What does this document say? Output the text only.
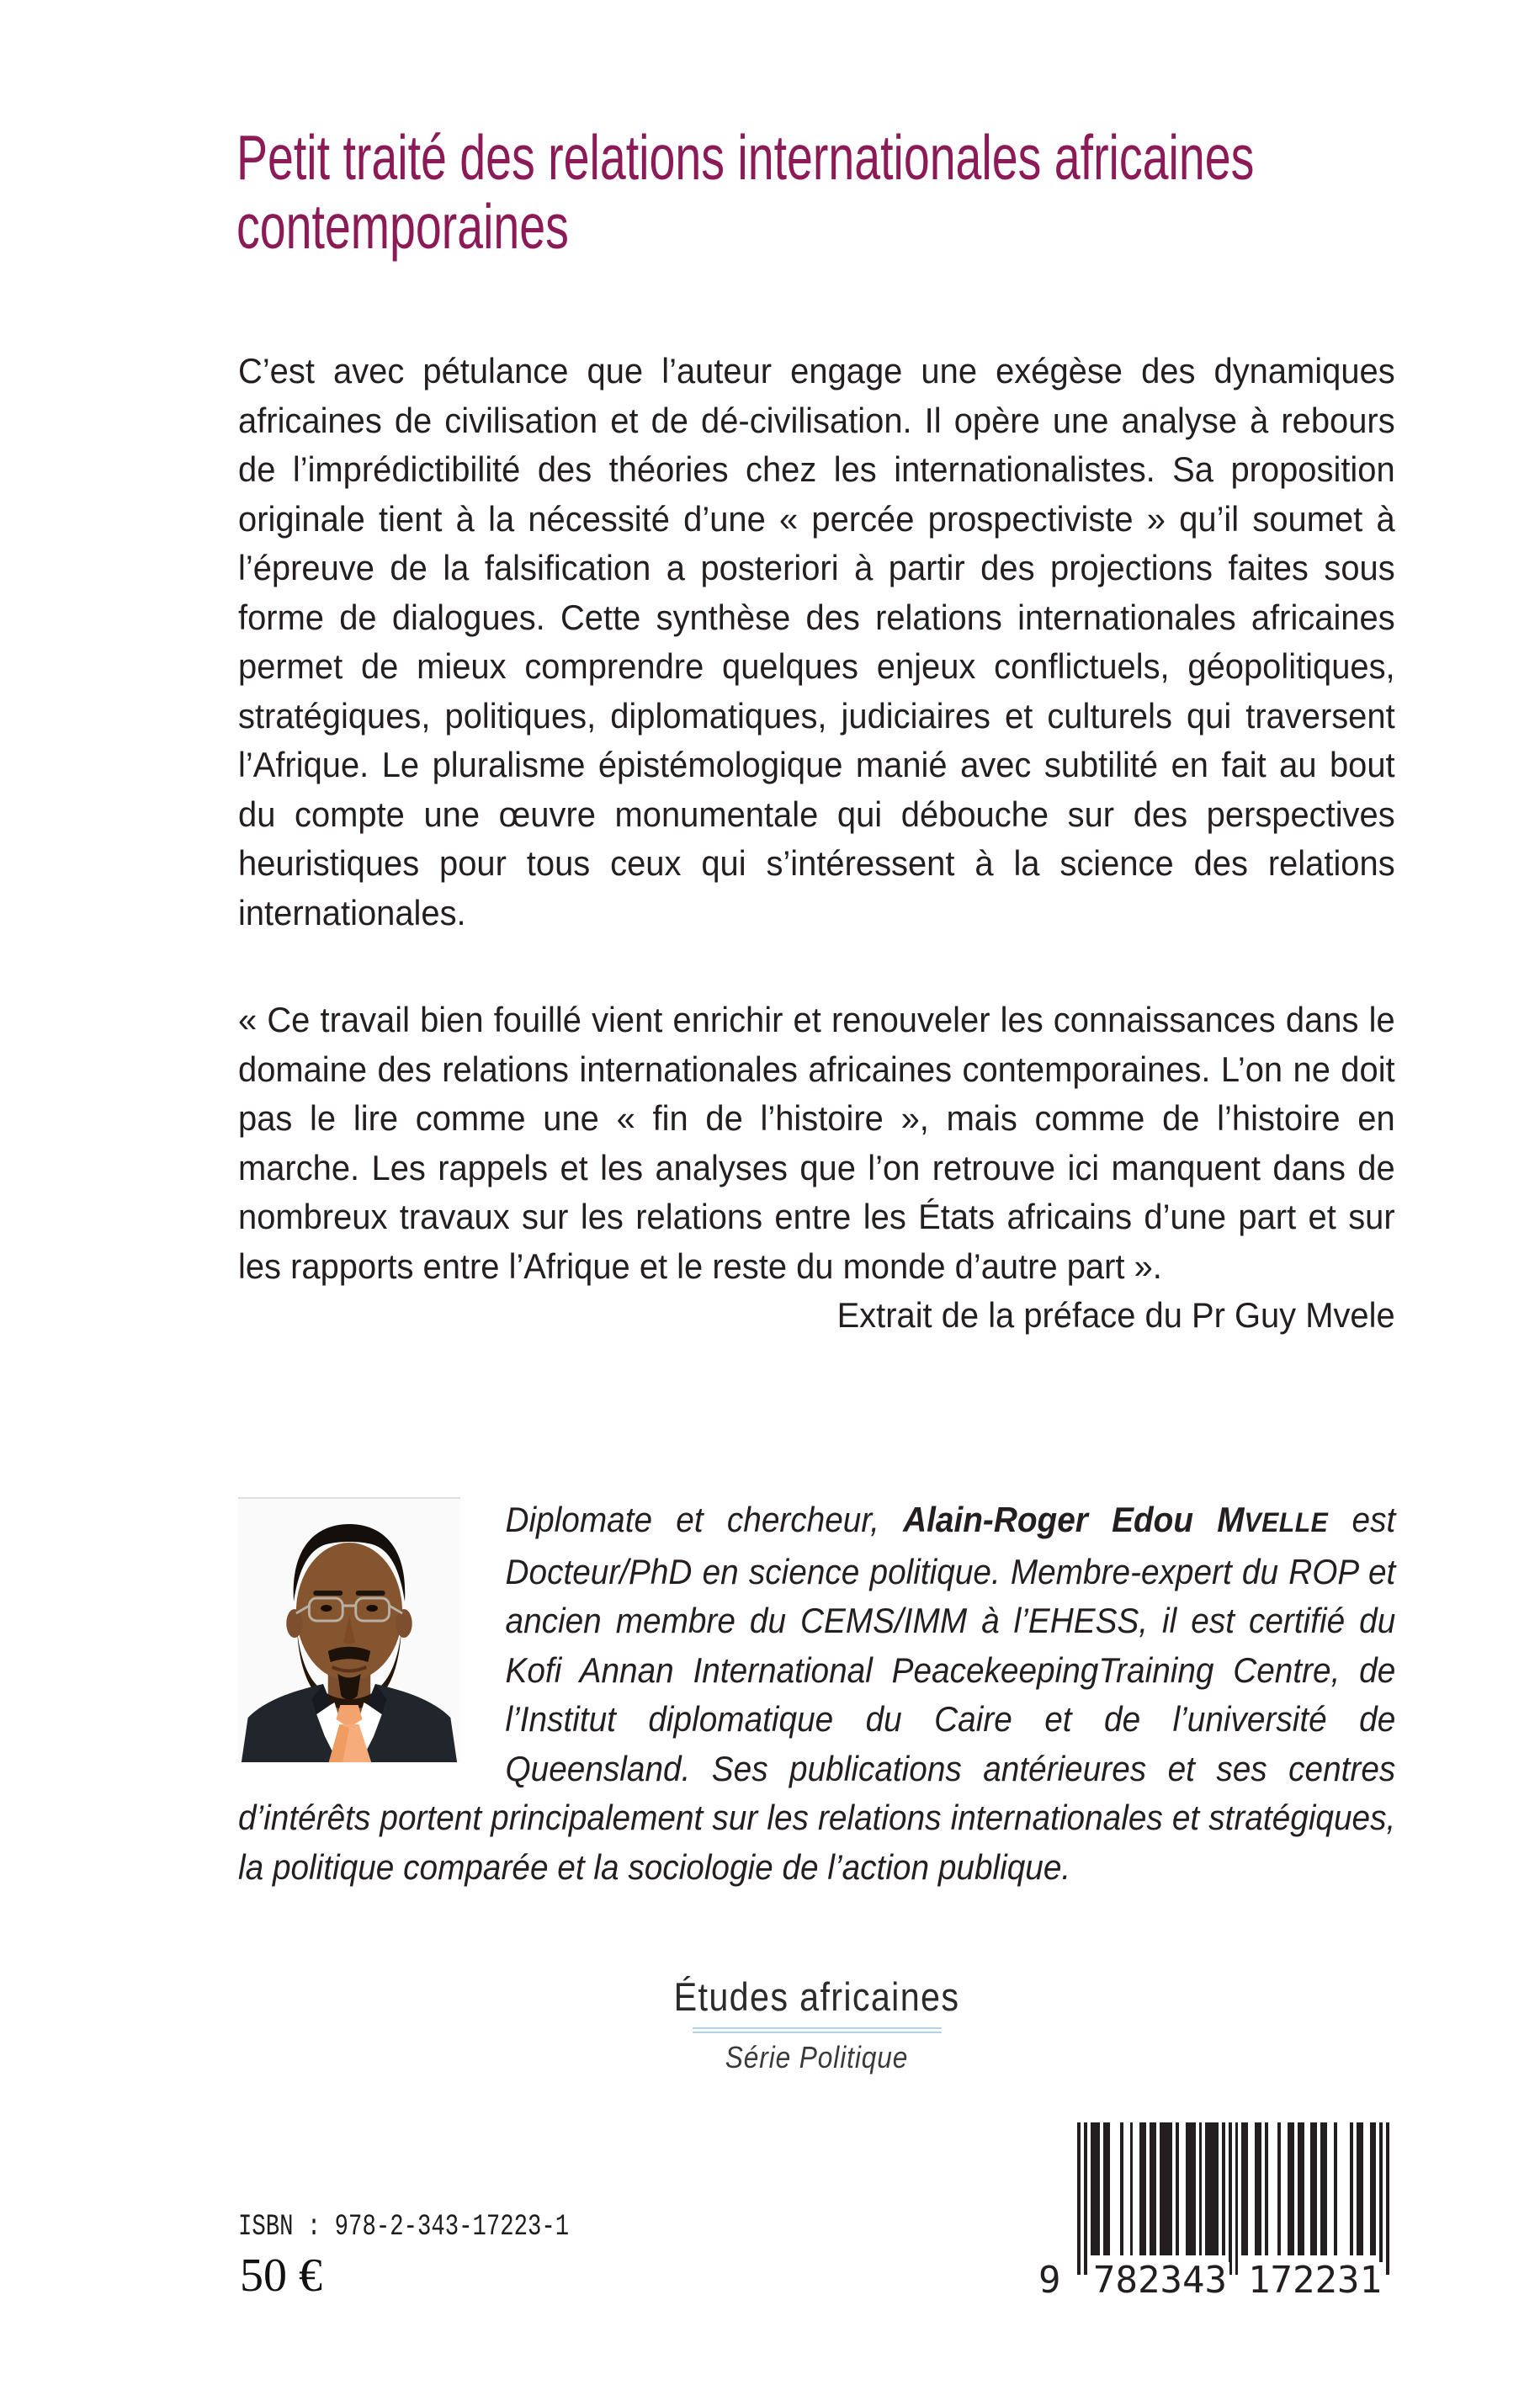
Petit traité des relations internationales africaines
contemporaines

C’est avec pétulance que l’auteur engage une exégèse des dynamiques africaines de civilisation et de dé-civilisation. Il opère une analyse à rebours de l’imprédictibilité des théories chez les internationalistes. Sa proposition originale tient à la nécessité d’une « percée prospectiviste » qu’il soumet à l’épreuve de la falsification a posteriori à partir des projections faites sous forme de dialogues. Cette synthèse des relations internationales africaines permet de mieux comprendre quelques enjeux conflictuels, géopolitiques, stratégiques, politiques, diplomatiques, judiciaires et culturels qui traversent l’Afrique. Le pluralisme épistémologique manié avec subtilité en fait au bout du compte une œuvre monumentale qui débouche sur des perspectives heuristiques pour tous ceux qui s’intéressent à la science des relations internationales.

« Ce travail bien fouillé vient enrichir et renouveler les connaissances dans le domaine des relations internationales africaines contemporaines. L’on ne doit pas le lire comme une « fin de l’histoire », mais comme de l’histoire en marche. Les rappels et les analyses que l’on retrouve ici manquent dans de nombreux travaux sur les relations entre les États africains d’une part et sur les rapports entre l’Afrique et le reste du monde d’autre part ».

Extrait de la préface du Pr Guy Mvele

Diplomate et chercheur, Alain-Roger Edou MVELLE est Docteur/PhD en science politique. Membre-expert du ROP et ancien membre du CEMS/IMM à l’EHESS, il est certifié du Kofi Annan International PeacekeepingTraining Centre, de l’Institut diplomatique du Caire et de l’université de Queensland. Ses publications antérieures et ses centres d’intérêts portent principalement sur les relations internationales et stratégiques, la politique comparée et la sociologie de l’action publique.
Études africaines
Série Politique
ISBN : 978-2-343-17223-1
50 €	9 782343 172231
